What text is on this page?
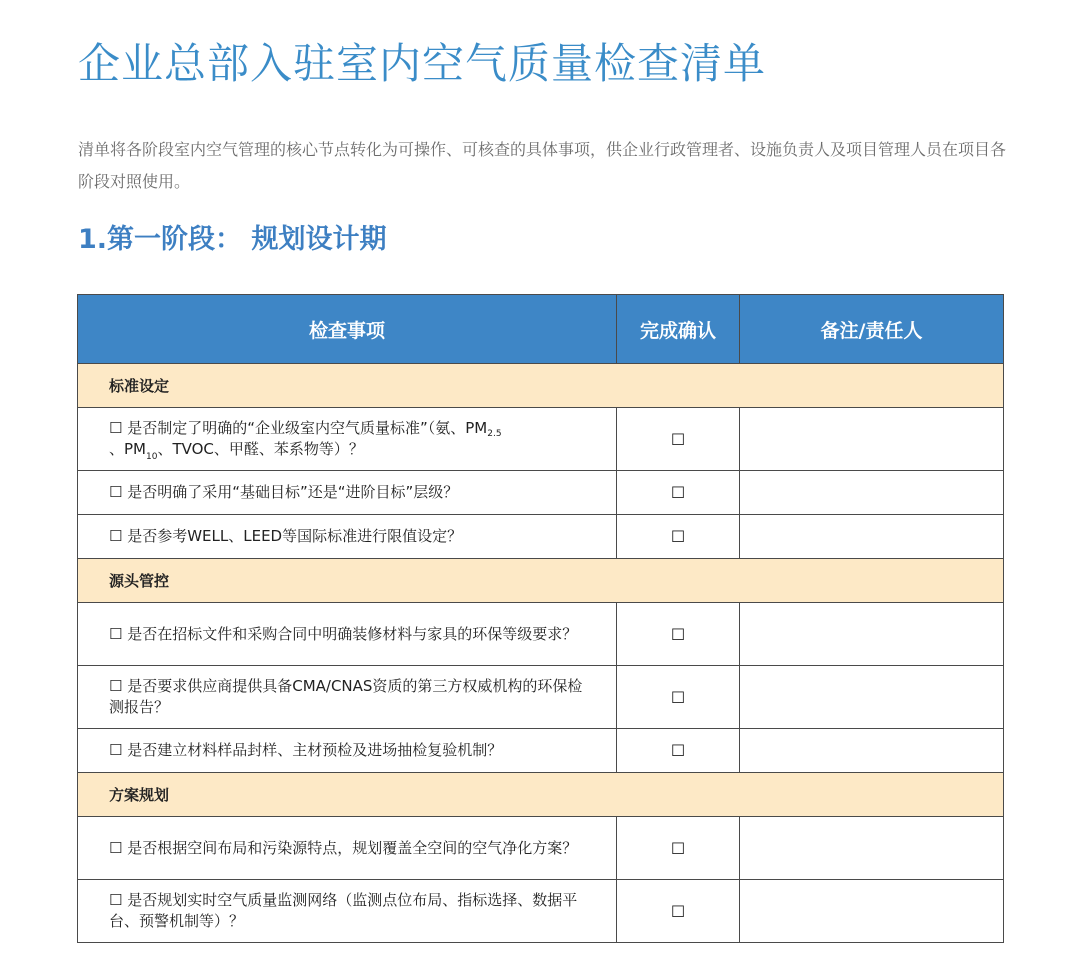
企业总部入驻室内空气质量检查清单

清单将各阶段室内空气管理的核心节点转化为可操作、可核查的具体事项，供企业行政管理者、设施负责人及项目管理人员在项目各阶段对照使用。

1.第一阶段： 规划设计期
检查事项	完成确认	备注/责任人
标准设定		
☐ 是否制定了明确的“企业级室内空气质量标准”（氨、$PM_{2.5}$
、$PM_{10}$、TVOC、甲醛、苯系物等）？	☐	
☐ 是否明确了采用“基础目标”还是“进阶目标”层级？	☐	
☐ 是否参考WELL、LEED等国际标准进行限值设定？	☐	
源头管控		
☐ 是否在招标文件和采购合同中明确装修材料与家具的环保等级要求？	☐	
☐ 是否要求供应商提供具备CMA/CNAS资质的第三方权威机构的环保检测报告？	☐	
☐ 是否建立材料样品封样、主材预检及进场抽检复验机制？	☐	
方案规划		
☐ 是否根据空间布局和污染源特点，规划覆盖全空间的空气净化方案？	☐	
☐ 是否规划实时空气质量监测网络（监测点位布局、指标选择、数据平台、预警机制等）？	☐	
